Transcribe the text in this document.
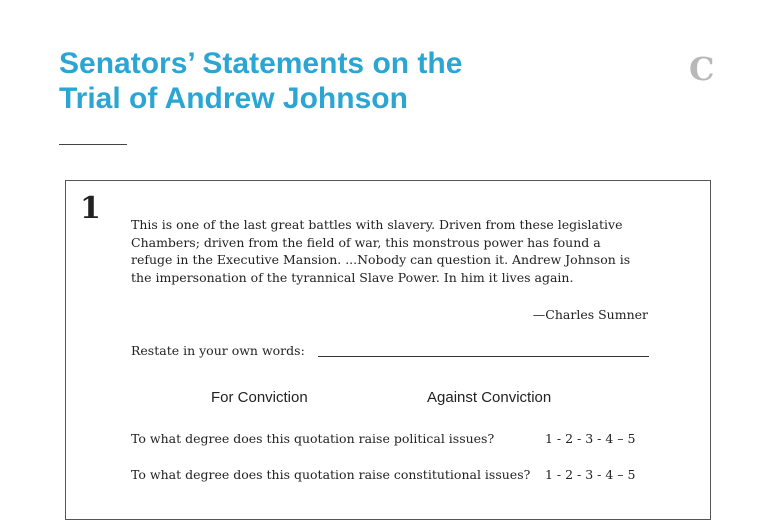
Senators’ Statements on the
Trial of Andrew Johnson
C
1 This is one of the last great battles with slavery. Driven from these legislative
Chambers; driven from the field of war, this monstrous power has found a
refuge in the Executive Mansion. ...Nobody can question it. Andrew Johnson is
the impersonation of the tyrannical Slave Power. In him it lives again.

—Charles Sumner
Restate in your own words:
For Conviction	Against Conviction
To what degree does this quotation raise political issues?	1 - 2 - 3 - 4 – 5
To what degree does this quotation raise constitutional issues? 1 - 2 - 3 - 4 – 5
